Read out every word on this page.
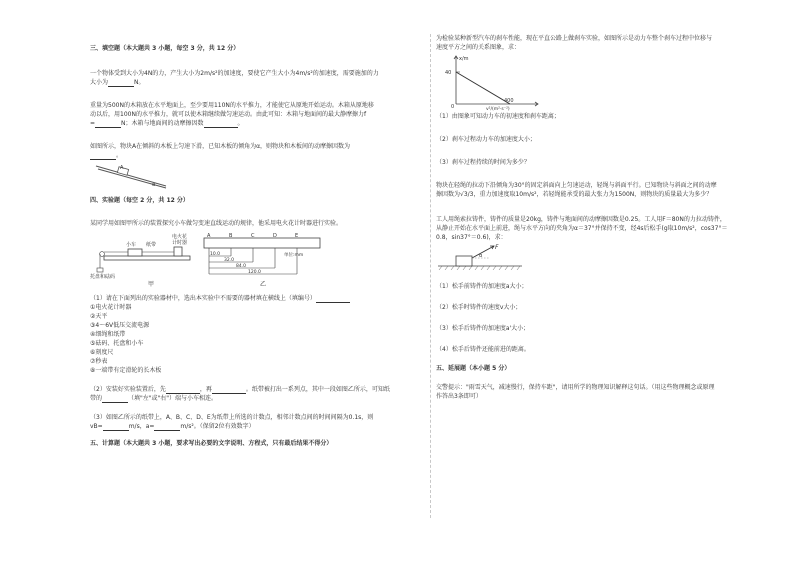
三、填空题（本大题共 3 小题，每空 3 分，共 12 分）

一个物体受到大小为4N的力，产生大小为2m/s²的加速度，要使它产生大小为4m/s²的加速度，需要施加的力

大小为	N。

重量为500N的木箱放在水平地面上，至少要用110N的水平推力，才能使它从原地开始运动。木箱从原地移

动以后，用100N的水平推力，就可以使木箱继续做匀速运动。由此可知：木箱与地面间的最大静摩擦力f

=	N；木箱与地面间的动摩擦因数	。

如图所示，物块A在倾斜的木板上匀速下滑，已知木板的倾角为α，则物块和木板间的动摩擦因数为

。

A
α

四、实验题（每空 2 分，共 12 分）

某同学用如图甲所示的装置探究小车做匀变速直线运动的规律，他采用电火花计时器进行实验。

电火花
计时器
小车 纸带
托盘和砝码
甲
A	B	C	D	E
10.0
32.0
84.0
120.0
单位:mm
乙

（1）请在下面列出的实验器材中，选出本实验中不需要的器材填在横线上（填编号）

①电火花计时器

②天平

③4～6V低压交流电源

④细绳和纸带

⑤砝码、托盘和小车

⑥刻度尺

⑦秒表

⑧一端带有定滑轮的长木板

（2）安装好实验装置后，先	，再	。纸带被打出一系列点，其中一段如图乙所示，可知纸

带的	（填"左"或"右"）端与小车相连。

（3）如图乙所示的纸带上，A、B、C、D、E为纸带上所选的计数点，相邻计数点间的时间间隔为0.1s，则

vB=	m/s，a=	m/s²。（保留2位有效数字）

五、计算题（本大题共 3 小题，要求写出必要的文字说明、方程式，只有最后结果不得分）

为检验某种新型汽车的刹车性能，现在平直公路上做刹车实验，如图所示是动力车整个刹车过程中位移与

速度平方之间的关系图象，求：

x/m
40
400
0	v²/(m²·s⁻²)

（1）由图象可知动力车的初速度和刹车距离；

（2）刹车过程动力车的加速度大小；

（3）刹车过程持续的时间为多少？

物块在轻绳的拉动下沿倾角为30°的固定斜面向上匀速运动，轻绳与斜面平行。已知物块与斜面之间的动摩

擦因数为√3/3，重力加速度取10m/s²，若轻绳能承受的最大张力为1500N，则物块的质量最大为多少？

工人用绳索拉铸件，铸件的质量是20kg，铸件与地面间的动摩擦因数是0.25。工人用F＝80N的力拉动铸件，

从静止开始在水平面上前进，绳与水平方向的夹角为α＝37°并保持不变，经4s后松手(g取10m/s²，cos37°＝

0.8，sin37°＝0.6)，求：

F
α

（1）松手前铸件的加速度a大小；

（2）松手时铸件的速度v大小；

（3）松手后铸件的加速度a'大小；

（4）松手后铸件还能前进的距离。

五、延展题（本小题 5 分）

交警提示："雨雪天气，减速慢行，保持车距"，请用所学的物理知识解释这句话。（用这些物理概念或原理

作答出3条即可）
